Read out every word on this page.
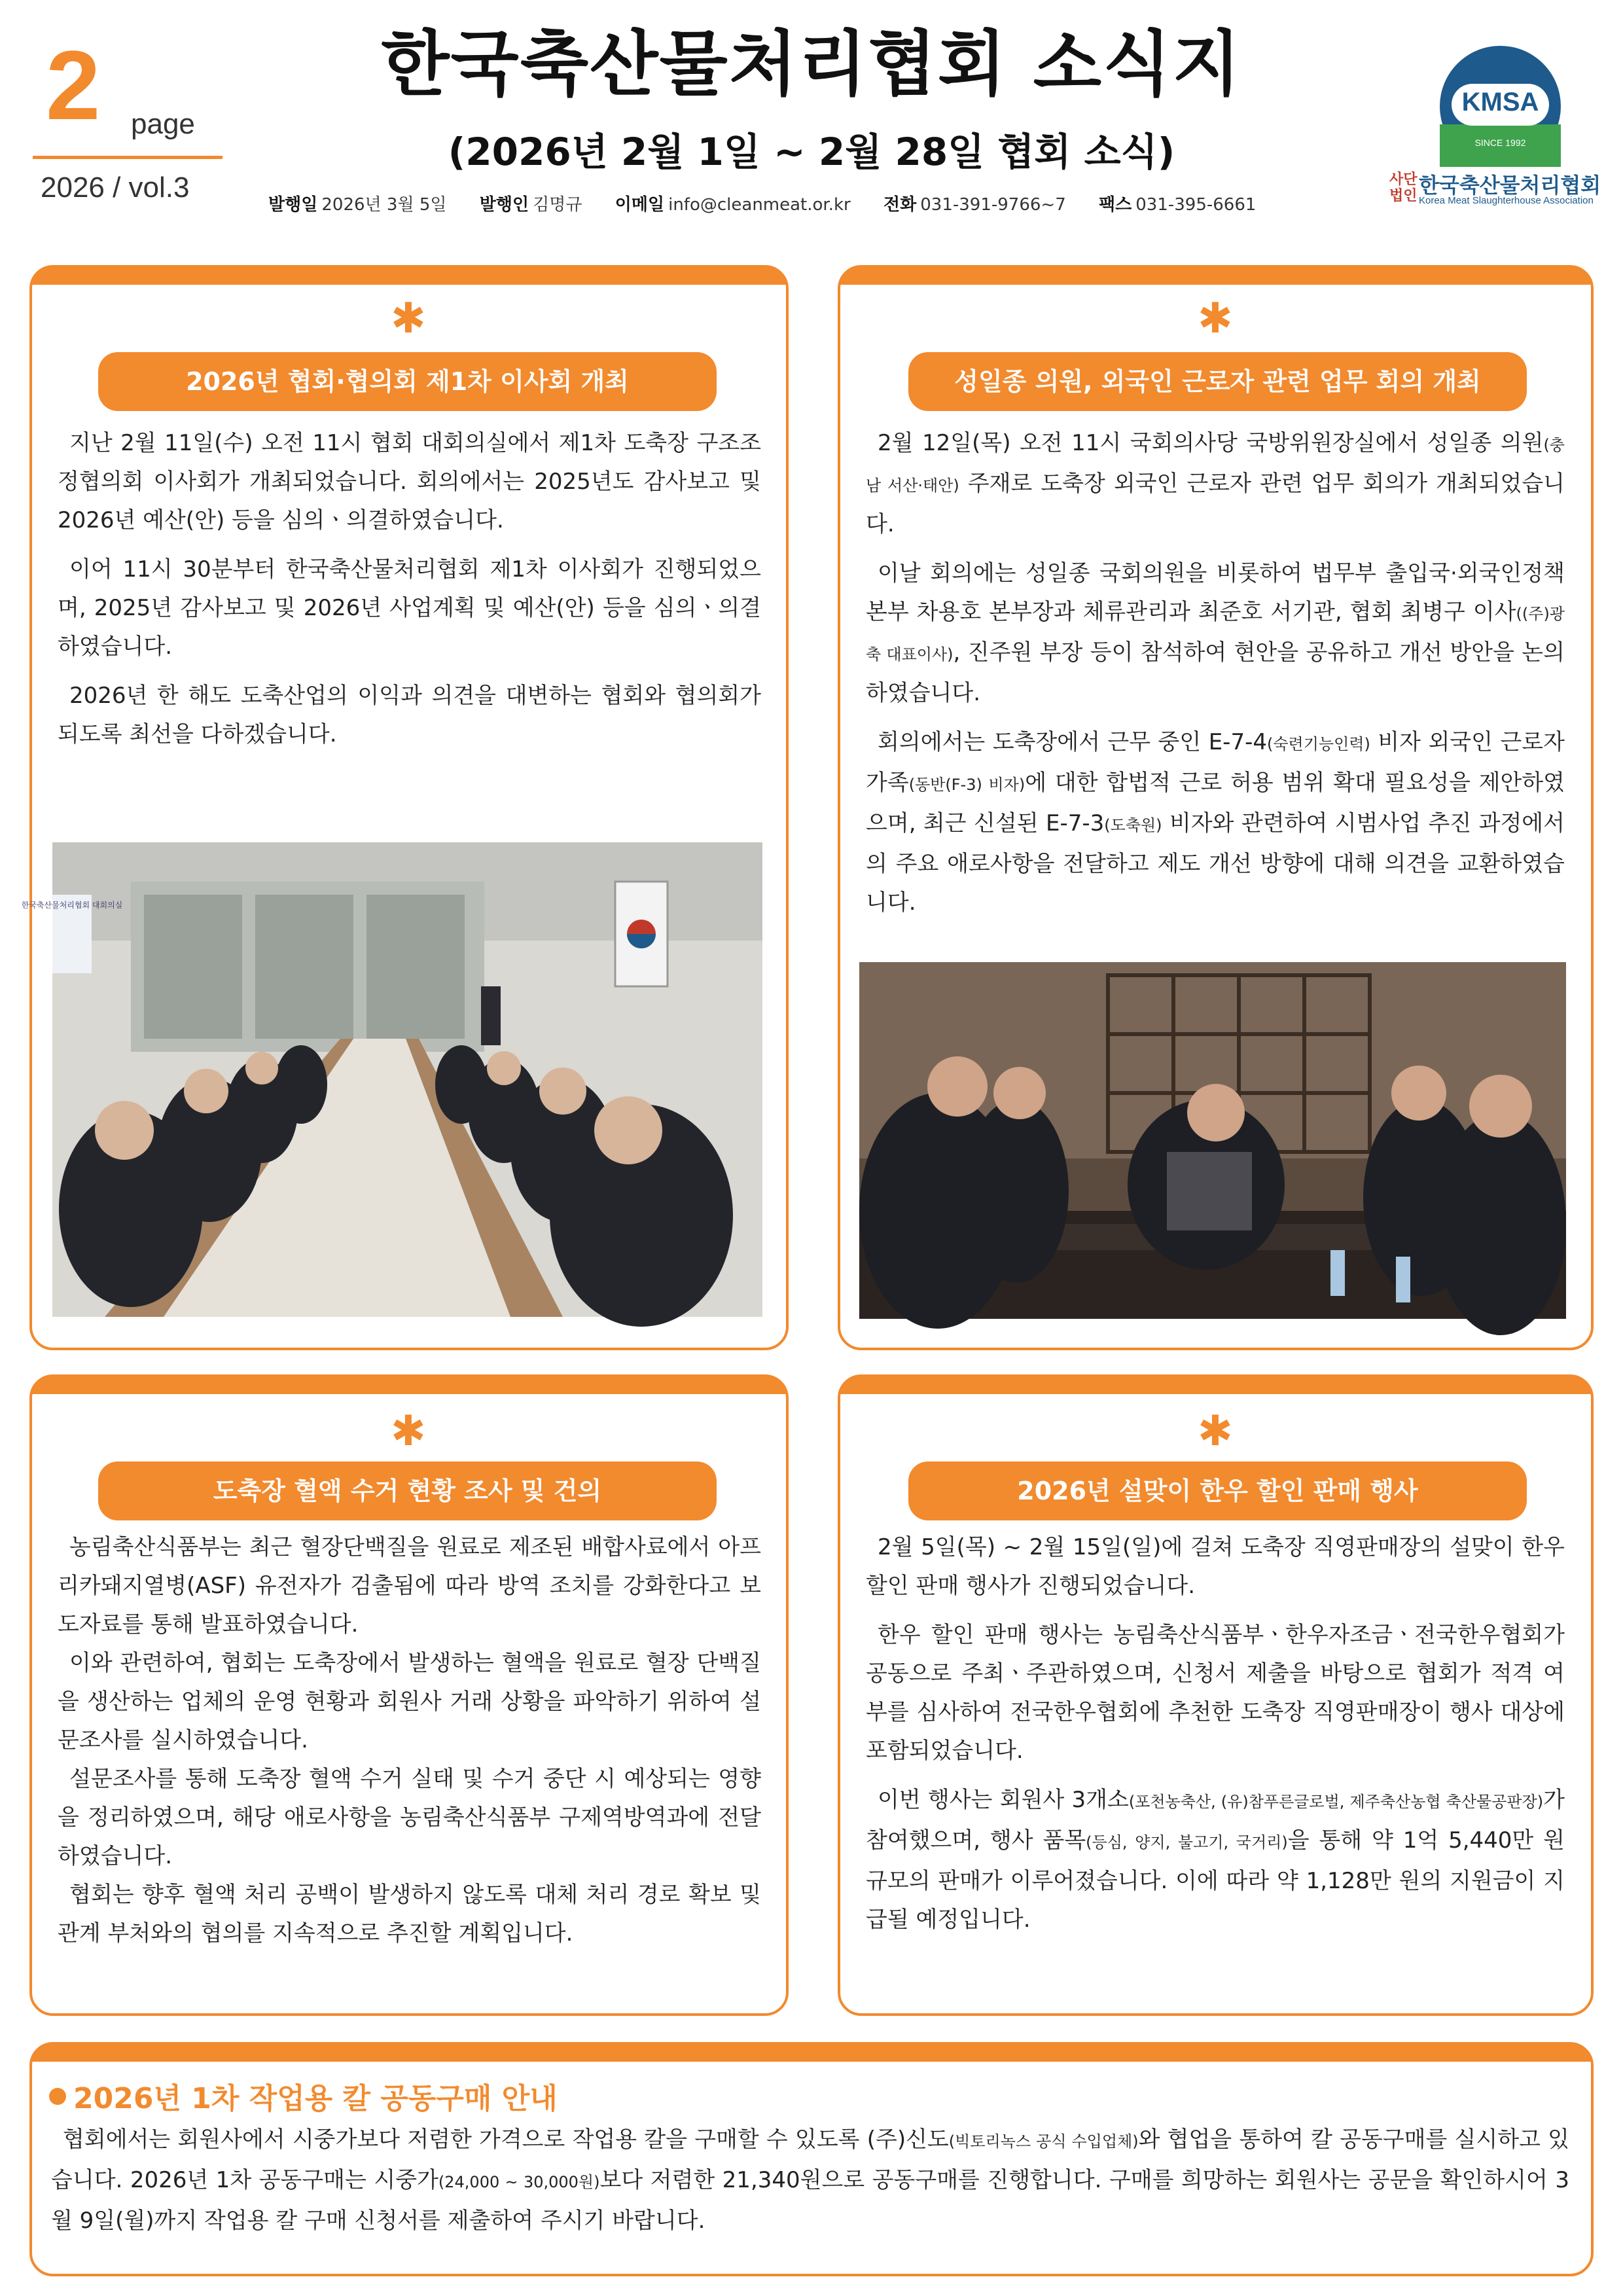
2 page
2026 / vol.3
한국축산물처리협회 소식지
(2026년 2월 1일 ~ 2월 28일 협회 소식)
발행일 2026년 3월 5일 발행인 김명규 이메일 info@cleanmeat.or.kr 전화 031-391-9766~7 팩스 031-395-6661
KMSA
SINCE 1992
사단
법인 한국축산물처리협회
Korea Meat Slaughterhouse Association
✱
2026년 협회·협의회 제1차 이사회 개최

지난 2월 11일(수) 오전 11시 협회 대회의실에서 제1차 도축장 구조조정협의회 이사회가 개최되었습니다. 회의에서는 2025년도 감사보고 및 2026년 예산(안) 등을 심의ㆍ의결하였습니다.

이어 11시 30분부터 한국축산물처리협회 제1차 이사회가 진행되었으며, 2025년 감사보고 및 2026년 사업계획 및 예산(안) 등을 심의ㆍ의결하였습니다.

2026년 한 해도 도축산업의 이익과 의견을 대변하는 협회와 협의회가 되도록 최선을 다하겠습니다.

한국축산물처리협회 대회의실
✱
성일종 의원, 외국인 근로자 관련 업무 회의 개최

2월 12일(목) 오전 11시 국회의사당 국방위원장실에서 성일종 의원(충남 서산·태안) 주재로 도축장 외국인 근로자 관련 업무 회의가 개최되었습니다.

이날 회의에는 성일종 국회의원을 비롯하여 법무부 출입국·외국인정책본부 차용호 본부장과 체류관리과 최준호 서기관, 협회 최병구 이사((주)광축 대표이사), 진주원 부장 등이 참석하여 현안을 공유하고 개선 방안을 논의하였습니다.

회의에서는 도축장에서 근무 중인 E-7-4(숙련기능인력) 비자 외국인 근로자 가족(동반(F-3) 비자)에 대한 합법적 근로 허용 범위 확대 필요성을 제안하였으며, 최근 신설된 E-7-3(도축원) 비자와 관련하여 시범사업 추진 과정에서의 주요 애로사항을 전달하고 제도 개선 방향에 대해 의견을 교환하였습니다.

✱
도축장 혈액 수거 현황 조사 및 건의

농림축산식품부는 최근 혈장단백질을 원료로 제조된 배합사료에서 아프리카돼지열병(ASF) 유전자가 검출됨에 따라 방역 조치를 강화한다고 보도자료를 통해 발표하였습니다.

이와 관련하여, 협회는 도축장에서 발생하는 혈액을 원료로 혈장 단백질을 생산하는 업체의 운영 현황과 회원사 거래 상황을 파악하기 위하여 설문조사를 실시하였습니다.

설문조사를 통해 도축장 혈액 수거 실태 및 수거 중단 시 예상되는 영향을 정리하였으며, 해당 애로사항을 농림축산식품부 구제역방역과에 전달하였습니다.

협회는 향후 혈액 처리 공백이 발생하지 않도록 대체 처리 경로 확보 및 관계 부처와의 협의를 지속적으로 추진할 계획입니다.

✱
2026년 설맞이 한우 할인 판매 행사

2월 5일(목) ~ 2월 15일(일)에 걸쳐 도축장 직영판매장의 설맞이 한우 할인 판매 행사가 진행되었습니다.

한우 할인 판매 행사는 농림축산식품부ㆍ한우자조금ㆍ전국한우협회가 공동으로 주최ㆍ주관하였으며, 신청서 제출을 바탕으로 협회가 적격 여부를 심사하여 전국한우협회에 추천한 도축장 직영판매장이 행사 대상에 포함되었습니다.

이번 행사는 회원사 3개소(포천농축산, (유)참푸른글로벌, 제주축산농협 축산물공판장)가 참여했으며, 행사 품목(등심, 양지, 불고기, 국거리)을 통해 약 1억 5,440만 원 규모의 판매가 이루어졌습니다. 이에 따라 약 1,128만 원의 지원금이 지급될 예정입니다.

2026년 1차 작업용 칼 공동구매 안내

협회에서는 회원사에서 시중가보다 저렴한 가격으로 작업용 칼을 구매할 수 있도록 (주)신도(빅토리녹스 공식 수입업체)와 협업을 통하여 칼 공동구매를 실시하고 있습니다. 2026년 1차 공동구매는 시중가(24,000 ~ 30,000원)보다 저렴한 21,340원으로 공동구매를 진행합니다. 구매를 희망하는 회원사는 공문을 확인하시어 3월 9일(월)까지 작업용 칼 구매 신청서를 제출하여 주시기 바랍니다.
